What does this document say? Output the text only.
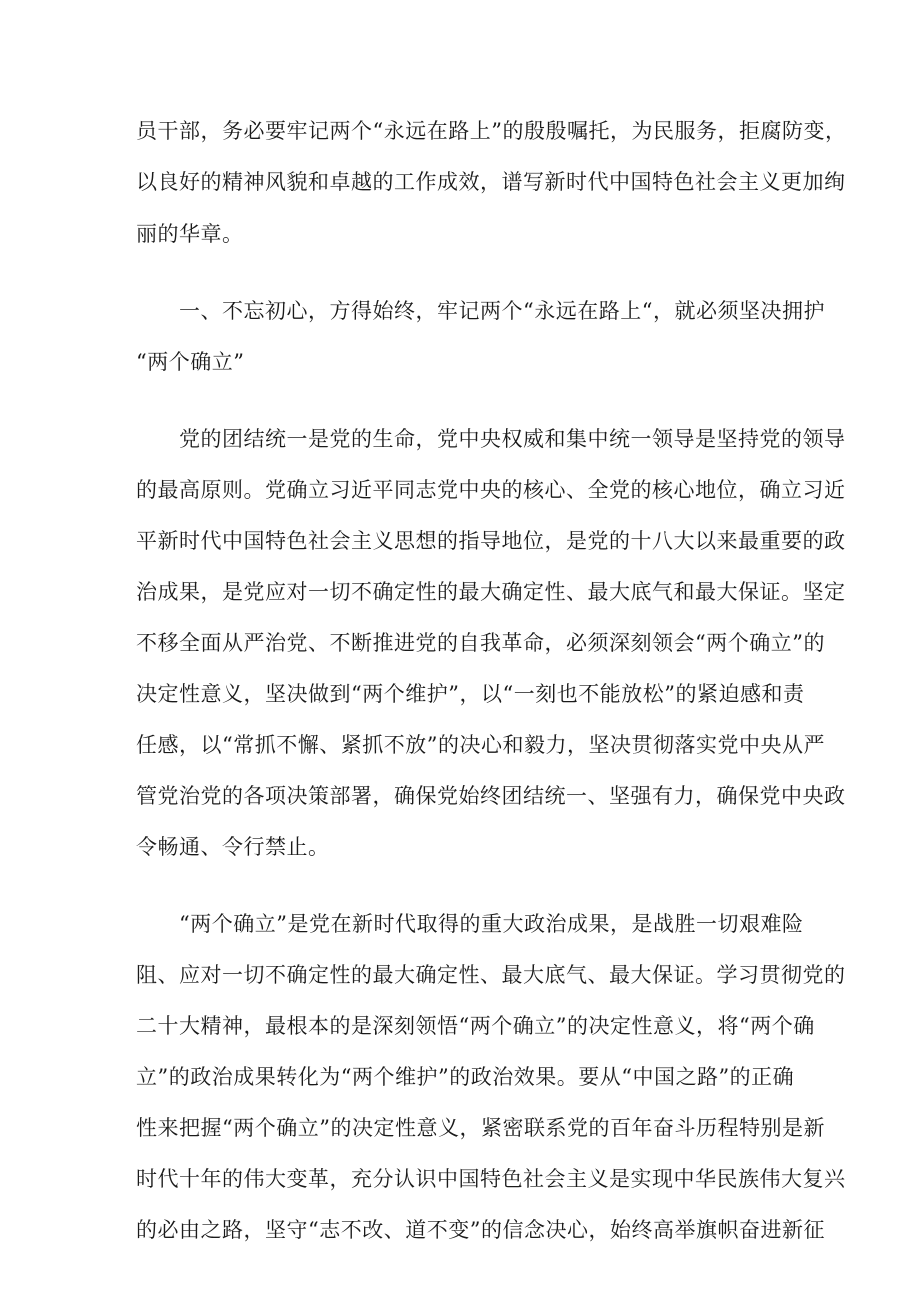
员干部，务必要牢记两个“永远在路上”的殷殷嘱托，为民服务，拒腐防变，
以良好的精神风貌和卓越的工作成效，谱写新时代中国特色社会主义更加绚
丽的华章。
　　一、不忘初心，方得始终，牢记两个“永远在路上“，就必须坚决拥护
“两个确立”
　　党的团结统一是党的生命，党中央权威和集中统一领导是坚持党的领导
的最高原则。党确立习近平同志党中央的核心、全党的核心地位，确立习近
平新时代中国特色社会主义思想的指导地位，是党的十八大以来最重要的政
治成果，是党应对一切不确定性的最大确定性、最大底气和最大保证。坚定
不移全面从严治党、不断推进党的自我革命，必须深刻领会“两个确立”的
决定性意义，坚决做到“两个维护”，以“一刻也不能放松”的紧迫感和责
任感，以“常抓不懈、紧抓不放”的决心和毅力，坚决贯彻落实党中央从严
管党治党的各项决策部署，确保党始终团结统一、坚强有力，确保党中央政
令畅通、令行禁止。
　　“两个确立”是党在新时代取得的重大政治成果，是战胜一切艰难险
阻、应对一切不确定性的最大确定性、最大底气、最大保证。学习贯彻党的
二十大精神，最根本的是深刻领悟“两个确立”的决定性意义，将“两个确
立”的政治成果转化为“两个维护”的政治效果。要从“中国之路”的正确
性来把握“两个确立”的决定性意义，紧密联系党的百年奋斗历程特别是新
时代十年的伟大变革，充分认识中国特色社会主义是实现中华民族伟大复兴
的必由之路，坚守“志不改、道不变”的信念决心，始终高举旗帜奋进新征
